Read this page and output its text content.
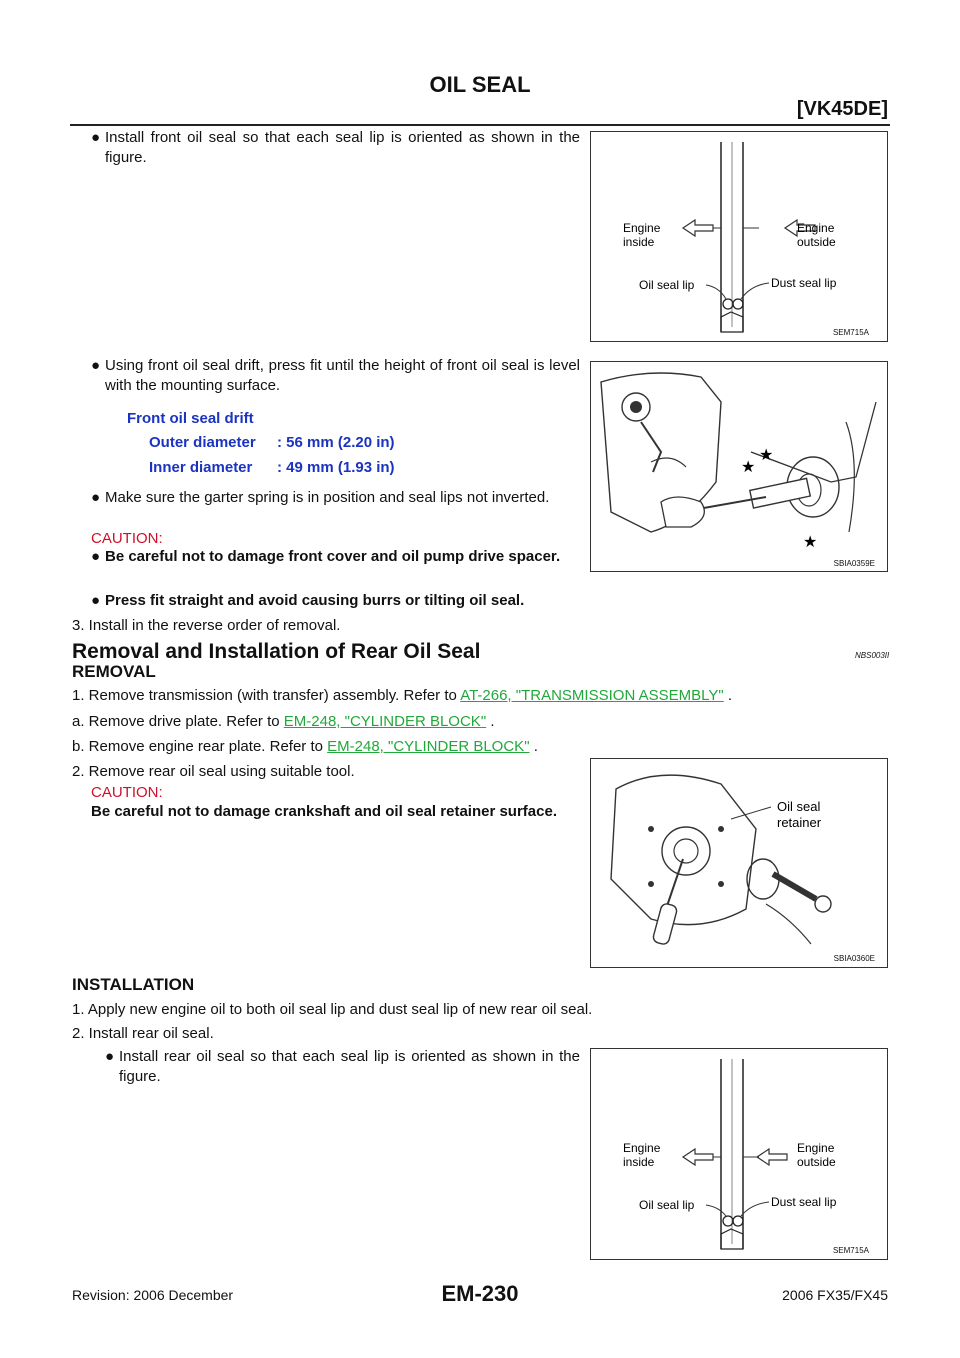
OIL SEAL
[VK45DE]
● Install front oil seal so that each seal lip is oriented as shown in the figure.
● Using front oil seal drift, press fit until the height of front oil seal is level with the mounting surface.
Front oil seal drift
Outer diameter : 56 mm (2.20 in)
Inner diameter : 49 mm (1.93 in)
● Make sure the garter spring is in position and seal lips not inverted.
CAUTION:
● Be careful not to damage front cover and oil pump drive spacer.
● Press fit straight and avoid causing burrs or tilting oil seal.
3. Install in the reverse order of removal.
Removal and Installation of Rear Oil Seal	NBS003II
REMOVAL
1. Remove transmission (with transfer) assembly. Refer to AT-266, "TRANSMISSION ASSEMBLY" .
a. Remove drive plate. Refer to EM-248, "CYLINDER BLOCK" .
b. Remove engine rear plate. Refer to EM-248, "CYLINDER BLOCK" .
2. Remove rear oil seal using suitable tool.
CAUTION:
Be careful not to damage crankshaft and oil seal retainer surface.
INSTALLATION
1. Apply new engine oil to both oil seal lip and dust seal lip of new rear oil seal.
2. Install rear oil seal.
● Install rear oil seal so that each seal lip is oriented as shown in the figure.
Engine
inside
Engine
outside
Oil seal lip	Dust seal lip
SEM715A
★
★
★
SBIA0359E
Oil seal
retainer
SBIA0360E
Engine
inside
Engine
outside
Oil seal lip	Dust seal lip
SEM715A
Revision: 2006 December	EM-230	2006 FX35/FX45
